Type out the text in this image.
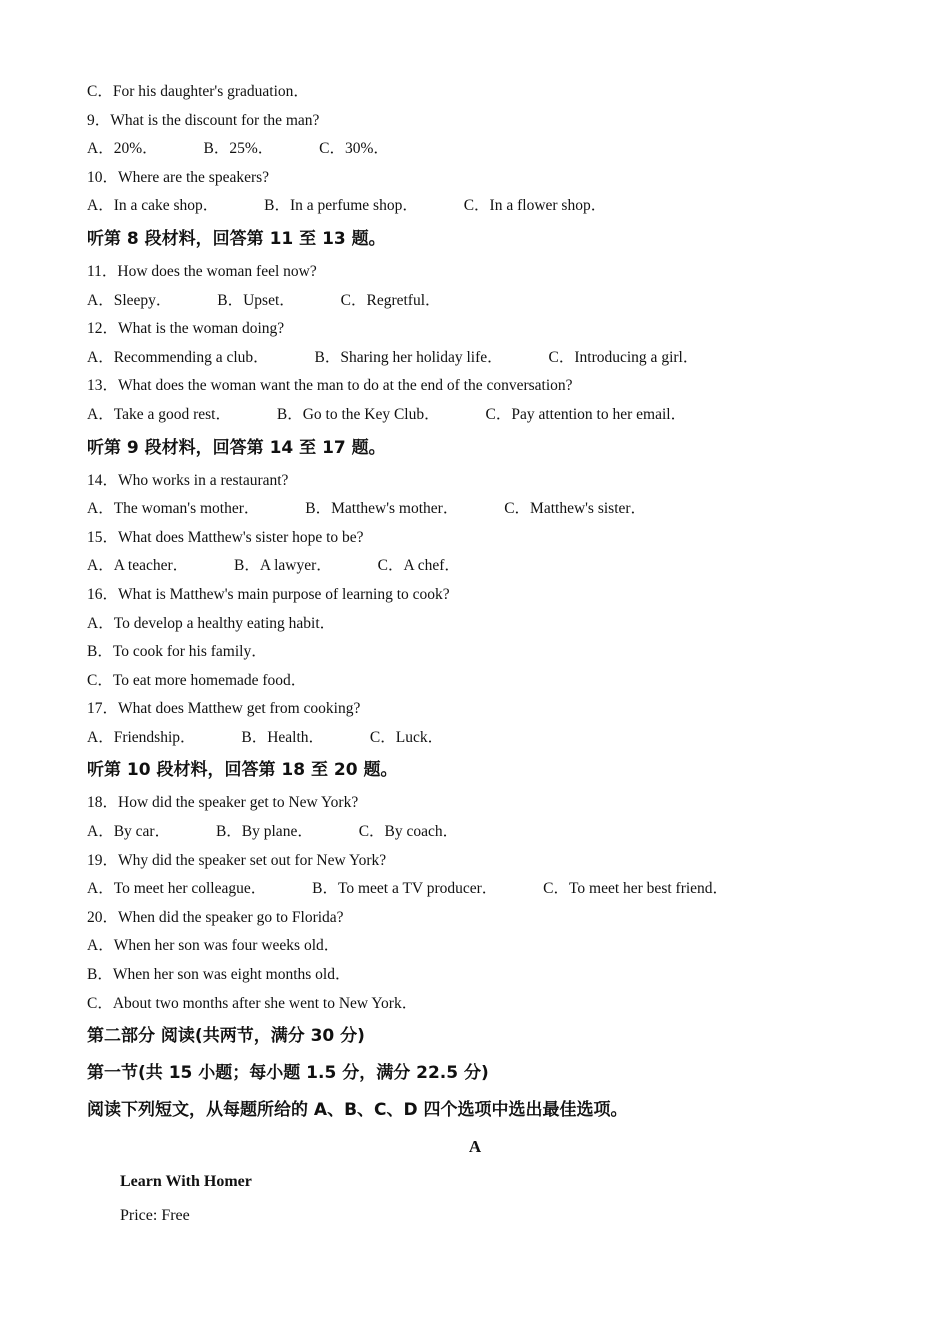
C．For his daughter's graduation．
9．What is the discount for the man?
A．20%．	B．25%．	C．30%．
10．Where are the speakers?
A．In a cake shop．	B．In a perfume shop．	C．In a flower shop．
听第 8 段材料，回答第 11 至 13 题。
11．How does the woman feel now?
A．Sleepy．	B．Upset．	C．Regretful．
12．What is the woman doing?
A．Recommending a club．	B．Sharing her holiday life．	C．Introducing a girl．
13．What does the woman want the man to do at the end of the conversation?
A．Take a good rest．	B．Go to the Key Club．	C．Pay attention to her email．
听第 9 段材料，回答第 14 至 17 题。
14．Who works in a restaurant?
A．The woman's mother．	B．Matthew's mother．	C．Matthew's sister．
15．What does Matthew's sister hope to be?
A．A teacher．	B．A lawyer．	C．A chef．
16．What is Matthew's main purpose of learning to cook?
A．To develop a healthy eating habit．
B．To cook for his family．
C．To eat more homemade food．
17．What does Matthew get from cooking?
A．Friendship．	B．Health．	C．Luck．
听第 10 段材料，回答第 18 至 20 题。
18．How did the speaker get to New York?
A．By car．	B．By plane．	C．By coach．
19．Why did the speaker set out for New York?
A．To meet her colleague．	B．To meet a TV producer．	C．To meet her best friend．
20．When did the speaker go to Florida?
A．When her son was four weeks old．
B．When her son was eight months old．
C．About two months after she went to New York．
第二部分 阅读(共两节，满分 30 分)
第一节(共 15 小题；每小题 1.5 分，满分 22.5 分)
阅读下列短文，从每题所给的 A、B、C、D 四个选项中选出最佳选项。
A
Learn With Homer
Price: Free
